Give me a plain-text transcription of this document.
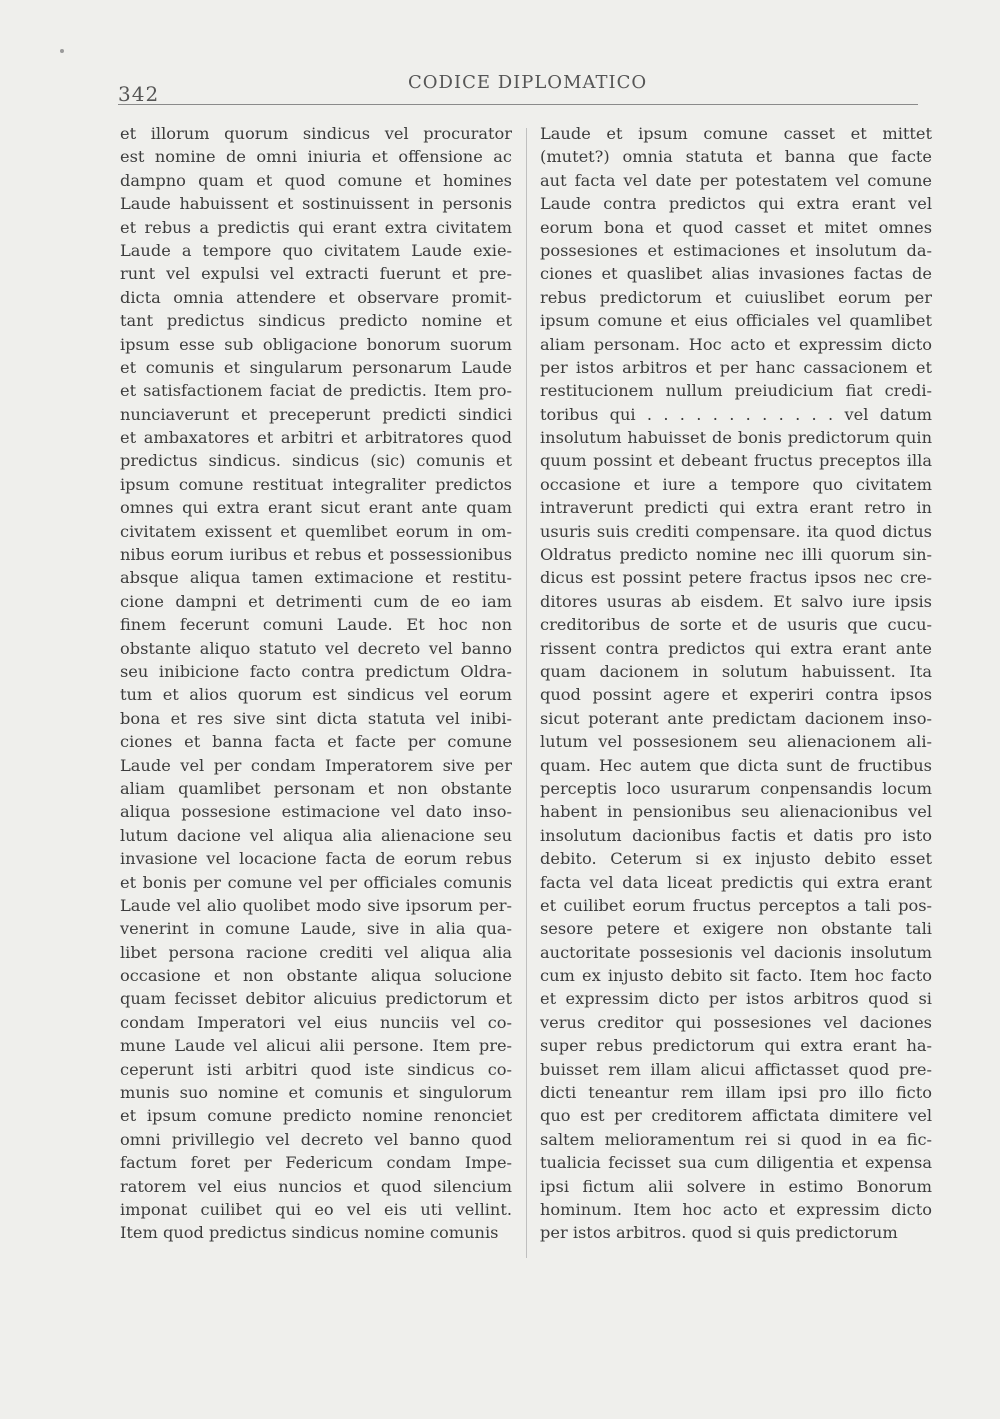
342	CODICE DIPLOMATICO
et illorum quorum sindicus vel procurator
est nomine de omni iniuria et offensione ac
dampno quam et quod comune et homines
Laude habuissent et sostinuissent in personis
et rebus a predictis qui erant extra civitatem
Laude a tempore quo civitatem Laude exie-
runt vel expulsi vel extracti fuerunt et pre-
dicta omnia attendere et observare promit-
tant predictus sindicus predicto nomine et
ipsum esse sub obligacione bonorum suorum
et comunis et singularum personarum Laude
et satisfactionem faciat de predictis. Item pro-
nunciaverunt et preceperunt predicti sindici
et ambaxatores et arbitri et arbitratores quod
predictus sindicus. sindicus (sic) comunis et
ipsum comune restituat integraliter predictos
omnes qui extra erant sicut erant ante quam
civitatem exissent et quemlibet eorum in om-
nibus eorum iuribus et rebus et possessionibus
absque aliqua tamen extimacione et restitu-
cione dampni et detrimenti cum de eo iam
finem fecerunt comuni Laude. Et hoc non
obstante aliquo statuto vel decreto vel banno
seu inibicione facto contra predictum Oldra-
tum et alios quorum est sindicus vel eorum
bona et res sive sint dicta statuta vel inibi-
ciones et banna facta et facte per comune
Laude vel per condam Imperatorem sive per
aliam quamlibet personam et non obstante
aliqua possesione estimacione vel dato inso-
lutum dacione vel aliqua alia alienacione seu
invasione vel locacione facta de eorum rebus
et bonis per comune vel per officiales comunis
Laude vel alio quolibet modo sive ipsorum per-
venerint in comune Laude, sive in alia qua-
libet persona racione crediti vel aliqua alia
occasione et non obstante aliqua solucione
quam fecisset debitor alicuius predictorum et
condam Imperatori vel eius nunciis vel co-
mune Laude vel alicui alii persone. Item pre-
ceperunt isti arbitri quod iste sindicus co-
munis suo nomine et comunis et singulorum
et ipsum comune predicto nomine renonciet
omni privillegio vel decreto vel banno quod
factum foret per Federicum condam Impe-
ratorem vel eius nuncios et quod silencium
imponat cuilibet qui eo vel eis uti vellint.
Item quod predictus sindicus nomine comunis
Laude et ipsum comune casset et mittet
(mutet?) omnia statuta et banna que facte
aut facta vel date per potestatem vel comune
Laude contra predictos qui extra erant vel
eorum bona et quod casset et mitet omnes
possesiones et estimaciones et insolutum da-
ciones et quaslibet alias invasiones factas de
rebus predictorum et cuiuslibet eorum per
ipsum comune et eius officiales vel quamlibet
aliam personam. Hoc acto et expressim dicto
per istos arbitros et per hanc cassacionem et
restitucionem nullum preiudicium fiat credi-
toribus qui . . . . . . . . . . . . vel datum
insolutum habuisset de bonis predictorum quin
quum possint et debeant fructus preceptos illa
occasione et iure a tempore quo civitatem
intraverunt predicti qui extra erant retro in
usuris suis crediti compensare. ita quod dictus
Oldratus predicto nomine nec illi quorum sin-
dicus est possint petere fractus ipsos nec cre-
ditores usuras ab eisdem. Et salvo iure ipsis
creditoribus de sorte et de usuris que cucu-
rissent contra predictos qui extra erant ante
quam dacionem in solutum habuissent. Ita
quod possint agere et experiri contra ipsos
sicut poterant ante predictam dacionem inso-
lutum vel possesionem seu alienacionem ali-
quam. Hec autem que dicta sunt de fructibus
perceptis loco usurarum conpensandis locum
habent in pensionibus seu alienacionibus vel
insolutum dacionibus factis et datis pro isto
debito. Ceterum si ex injusto debito esset
facta vel data liceat predictis qui extra erant
et cuilibet eorum fructus perceptos a tali pos-
sesore petere et exigere non obstante tali
auctoritate possesionis vel dacionis insolutum
cum ex injusto debito sit facto. Item hoc facto
et expressim dicto per istos arbitros quod si
verus creditor qui possesiones vel daciones
super rebus predictorum qui extra erant ha-
buisset rem illam alicui affictasset quod pre-
dicti teneantur rem illam ipsi pro illo ficto
quo est per creditorem affictata dimitere vel
saltem melioramentum rei si quod in ea fic-
tualicia fecisset sua cum diligentia et expensa
ipsi fictum alii solvere in estimo Bonorum
hominum. Item hoc acto et expressim dicto
per istos arbitros. quod si quis predictorum
